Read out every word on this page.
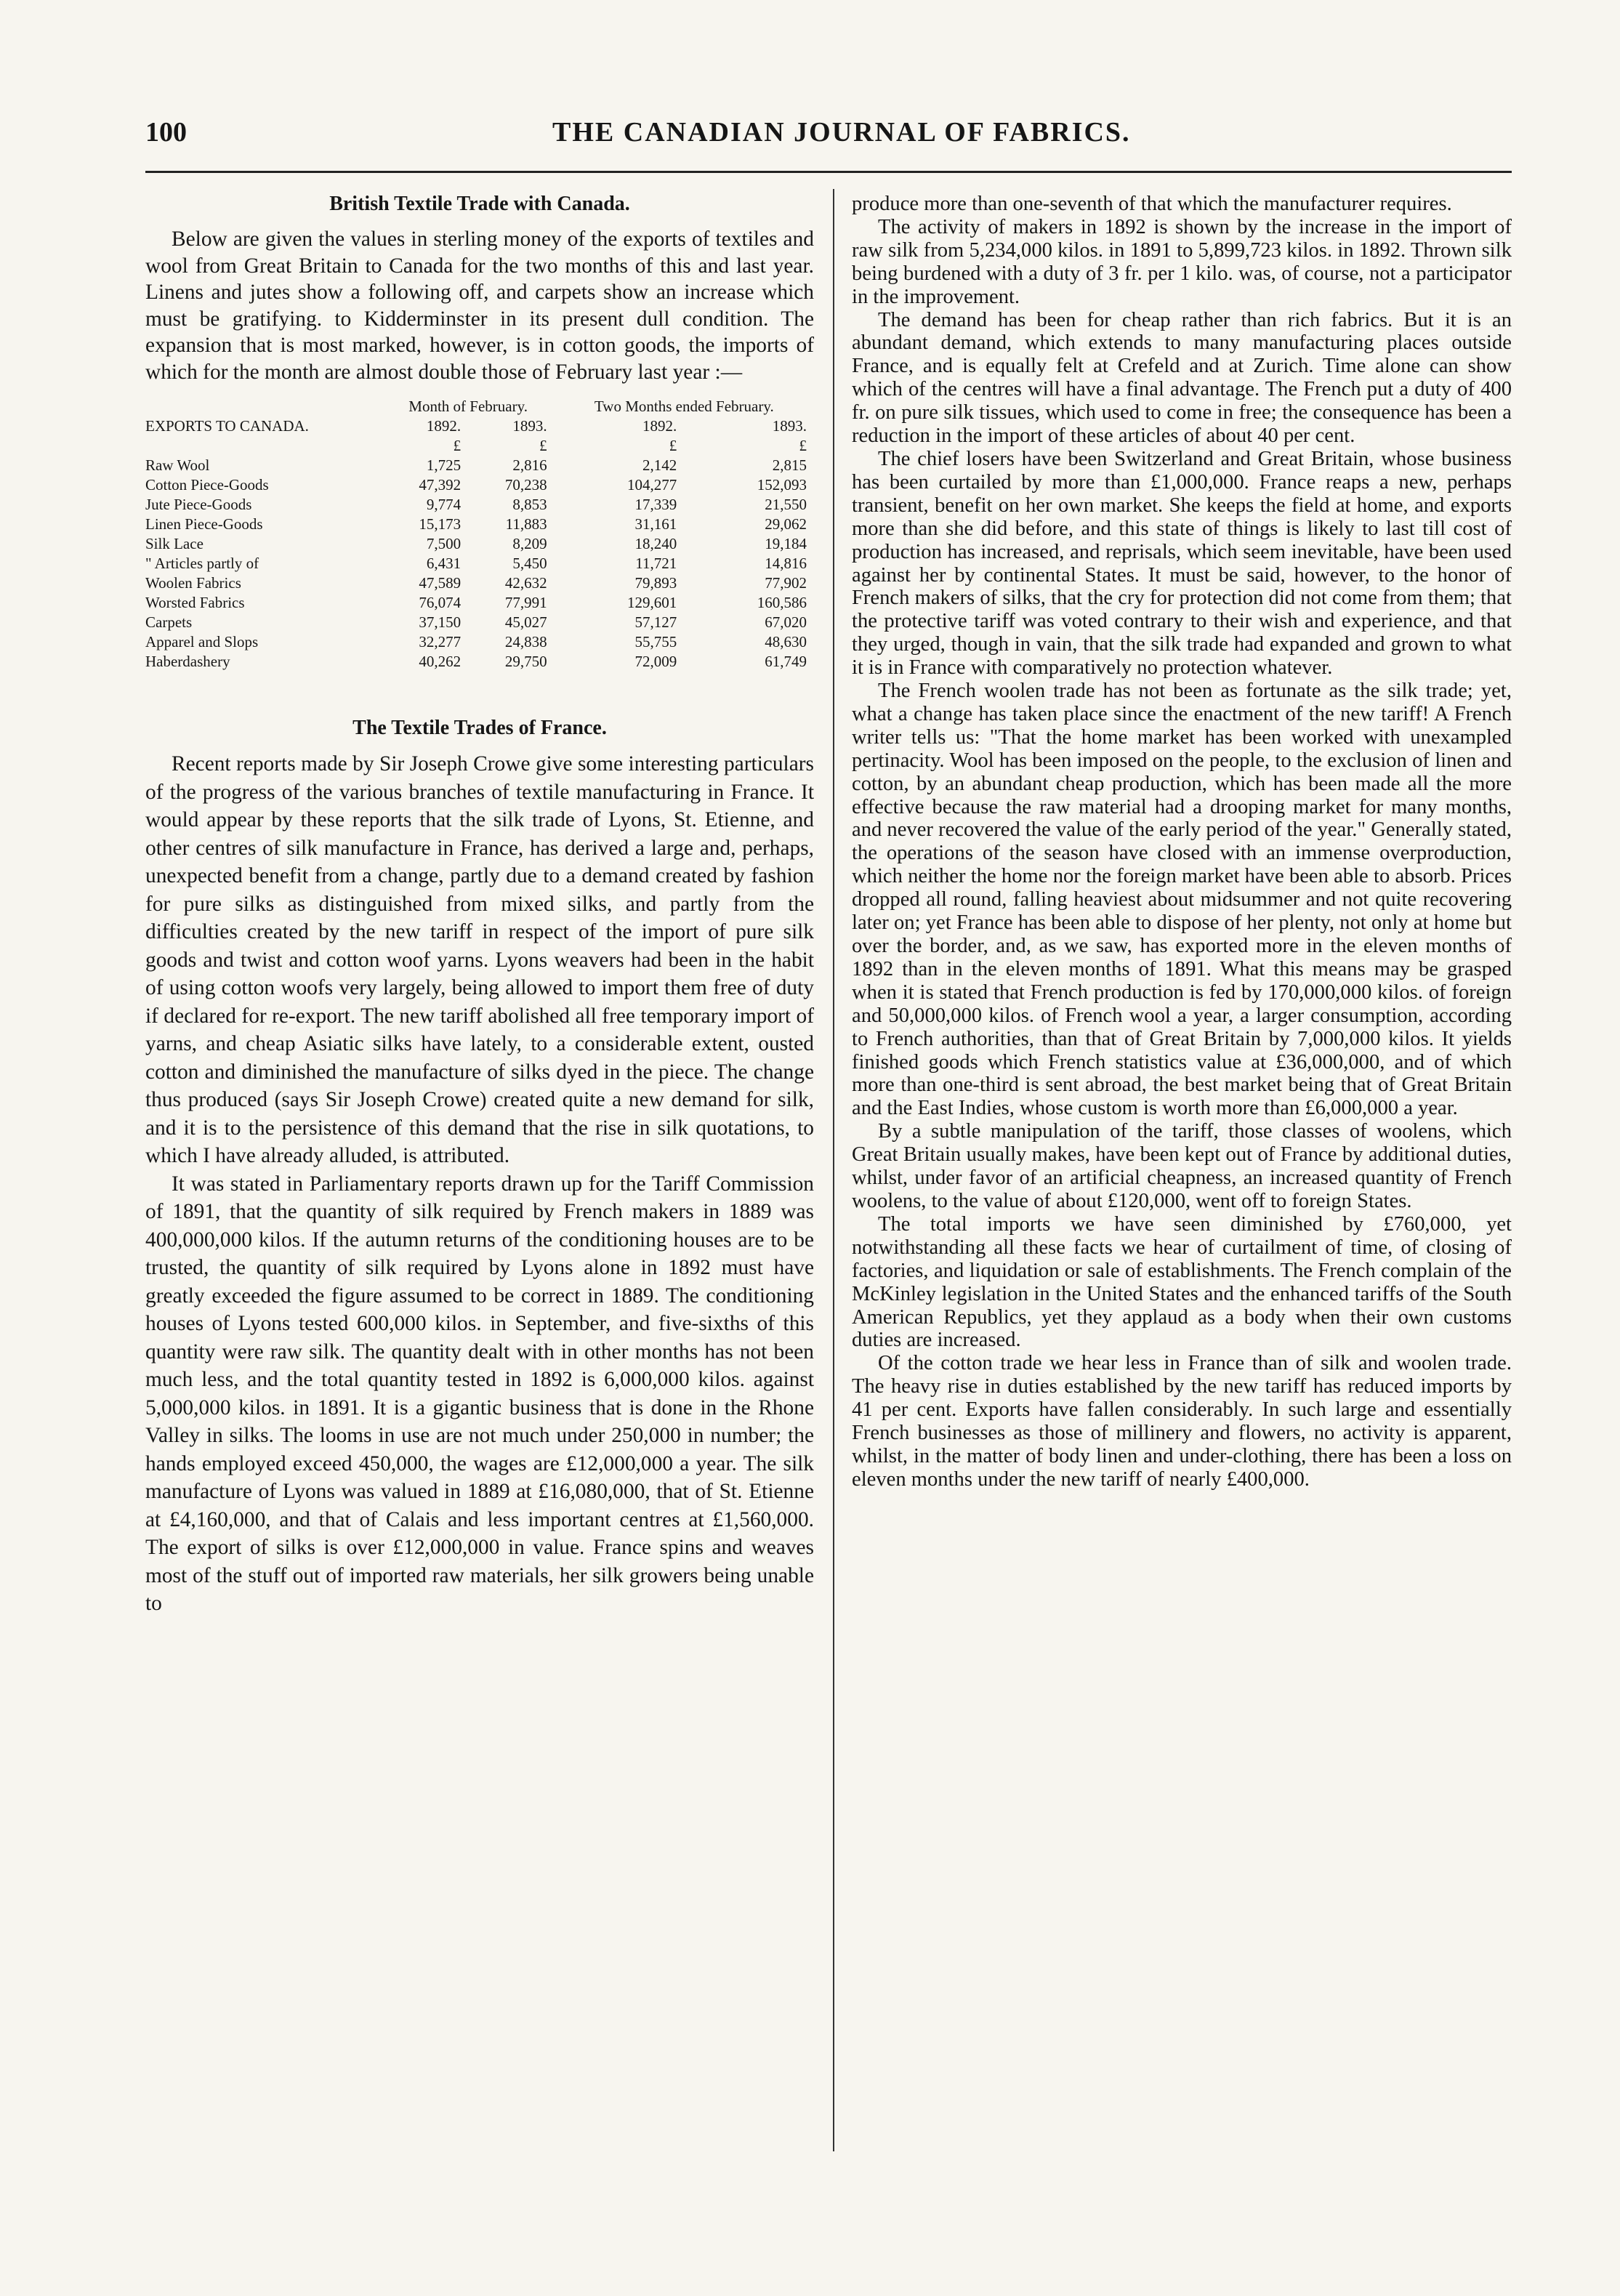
100	THE CANADIAN JOURNAL OF FABRICS.
British Textile Trade with Canada.

Below are given the values in sterling money of the exports of textiles and wool from Great Britain to Canada for the two months of this and last year. Linens and jutes show a following off, and carpets show an increase which must be gratifying. to Kidderminster in its present dull condition. The expansion that is most marked, however, is in cotton goods, the imports of which for the month are almost double those of February last year :—

	Month of February.		Two Months ended February.	
EXPORTS TO CANADA.	1892.	1893.	1892.	1893.
	£	£	£	£
Raw Wool	1,725	2,816	2,142	2,815
Cotton Piece-Goods	47,392	70,238	104,277	152,093
Jute Piece-Goods	9,774	8,853	17,339	21,550
Linen Piece-Goods	15,173	11,883	31,161	29,062
Silk Lace	7,500	8,209	18,240	19,184
" Articles partly of	6,431	5,450	11,721	14,816
Woolen Fabrics	47,589	42,632	79,893	77,902
Worsted Fabrics	76,074	77,991	129,601	160,586
Carpets	37,150	45,027	57,127	67,020
Apparel and Slops	32,277	24,838	55,755	48,630
Haberdashery	40,262	29,750	72,009	61,749
The Textile Trades of France.

Recent reports made by Sir Joseph Crowe give some interesting particulars of the progress of the various branches of textile manufacturing in France. It would appear by these reports that the silk trade of Lyons, St. Etienne, and other centres of silk manufacture in France, has derived a large and, perhaps, unexpected benefit from a change, partly due to a demand created by fashion for pure silks as distinguished from mixed silks, and partly from the difficulties created by the new tariff in respect of the import of pure silk goods and twist and cotton woof yarns. Lyons weavers had been in the habit of using cotton woofs very largely, being allowed to import them free of duty if declared for re-export. The new tariff abolished all free temporary import of yarns, and cheap Asiatic silks have lately, to a considerable extent, ousted cotton and diminished the manufacture of silks dyed in the piece. The change thus produced (says Sir Joseph Crowe) created quite a new demand for silk, and it is to the persistence of this demand that the rise in silk quotations, to which I have already alluded, is attributed.

It was stated in Parliamentary reports drawn up for the Tariff Commission of 1891, that the quantity of silk required by French makers in 1889 was 400,000,000 kilos. If the autumn returns of the conditioning houses are to be trusted, the quantity of silk required by Lyons alone in 1892 must have greatly exceeded the figure assumed to be correct in 1889. The conditioning houses of Lyons tested 600,000 kilos. in September, and five-sixths of this quantity were raw silk. The quantity dealt with in other months has not been much less, and the total quantity tested in 1892 is 6,000,000 kilos. against 5,000,000 kilos. in 1891. It is a gigantic business that is done in the Rhone Valley in silks. The looms in use are not much under 250,000 in number; the hands employed exceed 450,000, the wages are £12,000,000 a year. The silk manufacture of Lyons was valued in 1889 at £16,080,000, that of St. Etienne at £4,160,000, and that of Calais and less important centres at £1,560,000. The export of silks is over £12,000,000 in value. France spins and weaves most of the stuff out of imported raw materials, her silk growers being unable to

produce more than one-seventh of that which the manufacturer requires.

The activity of makers in 1892 is shown by the increase in the import of raw silk from 5,234,000 kilos. in 1891 to 5,899,723 kilos. in 1892. Thrown silk being burdened with a duty of 3 fr. per 1 kilo. was, of course, not a participator in the improvement.

The demand has been for cheap rather than rich fabrics. But it is an abundant demand, which extends to many manufacturing places outside France, and is equally felt at Crefeld and at Zurich. Time alone can show which of the centres will have a final advantage. The French put a duty of 400 fr. on pure silk tissues, which used to come in free; the consequence has been a reduction in the import of these articles of about 40 per cent.

The chief losers have been Switzerland and Great Britain, whose business has been curtailed by more than £1,000,000. France reaps a new, perhaps transient, benefit on her own market. She keeps the field at home, and exports more than she did before, and this state of things is likely to last till cost of production has increased, and reprisals, which seem inevitable, have been used against her by continental States. It must be said, however, to the honor of French makers of silks, that the cry for protection did not come from them; that the protective tariff was voted contrary to their wish and experience, and that they urged, though in vain, that the silk trade had expanded and grown to what it is in France with comparatively no protection whatever.

The French woolen trade has not been as fortunate as the silk trade; yet, what a change has taken place since the enactment of the new tariff! A French writer tells us: "That the home market has been worked with unexampled pertinacity. Wool has been imposed on the people, to the exclusion of linen and cotton, by an abundant cheap production, which has been made all the more effective because the raw material had a drooping market for many months, and never recovered the value of the early period of the year." Generally stated, the operations of the season have closed with an immense overproduction, which neither the home nor the foreign market have been able to absorb. Prices dropped all round, falling heaviest about midsummer and not quite recovering later on; yet France has been able to dispose of her plenty, not only at home but over the border, and, as we saw, has exported more in the eleven months of 1892 than in the eleven months of 1891. What this means may be grasped when it is stated that French production is fed by 170,000,000 kilos. of foreign and 50,000,000 kilos. of French wool a year, a larger consumption, according to French authorities, than that of Great Britain by 7,000,000 kilos. It yields finished goods which French statistics value at £36,000,000, and of which more than one-third is sent abroad, the best market being that of Great Britain and the East Indies, whose custom is worth more than £6,000,000 a year.

By a subtle manipulation of the tariff, those classes of woolens, which Great Britain usually makes, have been kept out of France by additional duties, whilst, under favor of an artificial cheapness, an increased quantity of French woolens, to the value of about £120,000, went off to foreign States.

The total imports we have seen diminished by £760,000, yet notwithstanding all these facts we hear of curtailment of time, of closing of factories, and liquidation or sale of establishments. The French complain of the McKinley legislation in the United States and the enhanced tariffs of the South American Republics, yet they applaud as a body when their own customs duties are increased.

Of the cotton trade we hear less in France than of silk and woolen trade. The heavy rise in duties established by the new tariff has reduced imports by 41 per cent. Exports have fallen considerably. In such large and essentially French businesses as those of millinery and flowers, no activity is apparent, whilst, in the matter of body linen and under-clothing, there has been a loss on eleven months under the new tariff of nearly £400,000.
